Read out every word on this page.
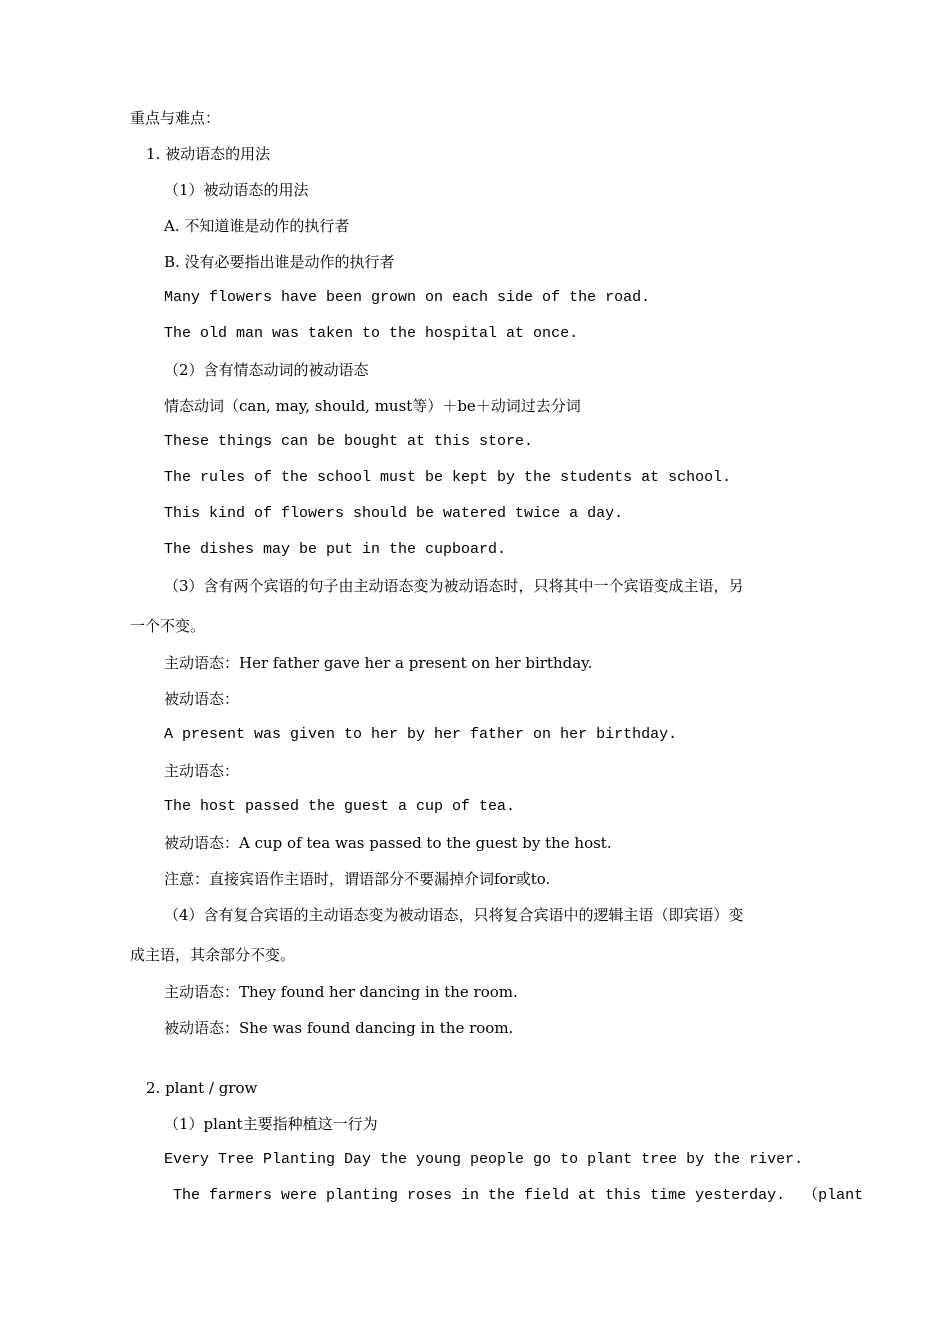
重点与难点：
1. 被动语态的用法
（1）被动语态的用法
A. 不知道谁是动作的执行者
B. 没有必要指出谁是动作的执行者
Many flowers have been grown on each side of the road.
The old man was taken to the hospital at once.
（2）含有情态动词的被动语态
情态动词（can, may, should, must等）＋be＋动词过去分词
These things can be bought at this store.
The rules of the school must be kept by the students at school.
This kind of flowers should be watered twice a day.
The dishes may be put in the cupboard.
（3）含有两个宾语的句子由主动语态变为被动语态时，只将其中一个宾语变成主语，另
一个不变。
主动语态：Her father gave her a present on her birthday.
被动语态：
A present was given to her by her father on her birthday.
主动语态：
The host passed the guest a cup of tea.
被动语态：A cup of tea was passed to the guest by the host.
注意：直接宾语作主语时，谓语部分不要漏掉介词for或to.
（4）含有复合宾语的主动语态变为被动语态，只将复合宾语中的逻辑主语（即宾语）变
成主语，其余部分不变。
主动语态：They found her dancing in the room.
被动语态：She was found dancing in the room.
2. plant / grow
（1）plant主要指种植这一行为
Every Tree Planting Day the young people go to plant tree by the river.
The farmers were planting roses in the field at this time yesterday.  （plant
